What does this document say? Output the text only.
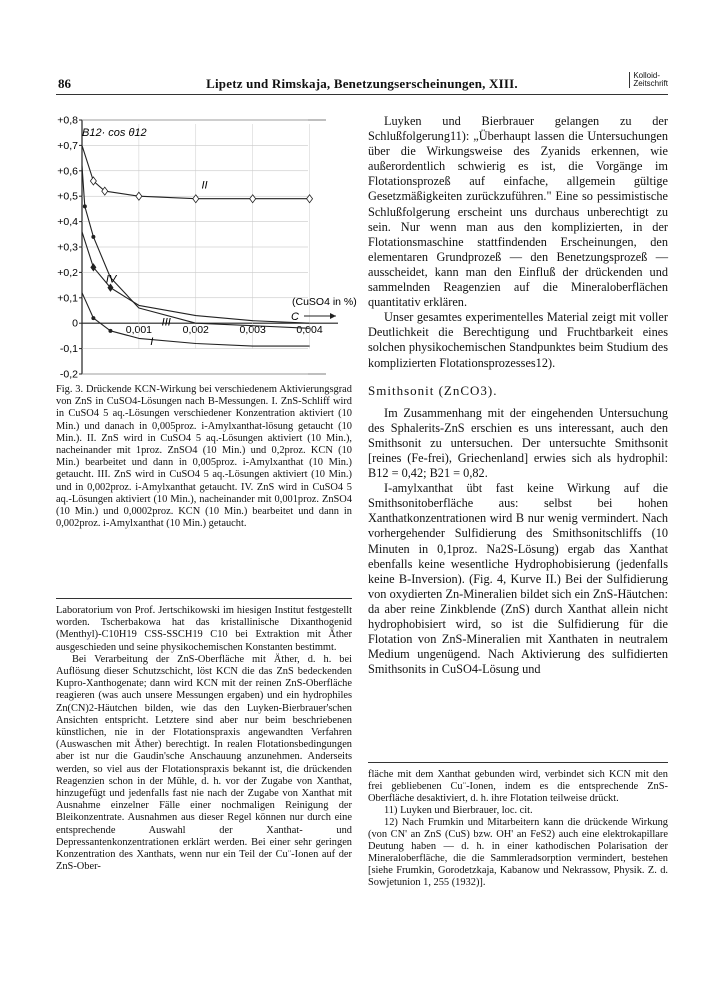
86	Lipetz und Rimskaja, Benetzungserscheinungen, XIII.
Kolloid-
Zeitschrift
+0,8
+0,7
+0,6
+0,5
+0,4
+0,3
+0,2
+0,1
0
-0,1
-0,2
0,001	0,002	0,003	0,004
I
II
III
IV
B12· cos θ12
(CuSO4 in %)
C

Fig. 3. Drückende KCN-Wirkung bei verschiedenem Aktivierungsgrad von ZnS in CuSO4-Lösungen nach B-Messungen. I. ZnS-Schliff wird in CuSO4 5 aq.-Lösungen verschiedener Konzentration aktiviert (10 Min.) und danach in 0,005proz. i-Amylxanthat-lösung getaucht (10 Min.). II. ZnS wird in CuSO4 5 aq.-Lösungen aktiviert (10 Min.), nacheinander mit 1proz. ZnSO4 (10 Min.) und 0,2proz. KCN (10 Min.) bearbeitet und dann in 0,005proz. i-Amylxanthat (10 Min.) getaucht. III. ZnS wird in CuSO4 5 aq.-Lösungen aktiviert (10 Min.) und in 0,002proz. i-Amylxanthat getaucht. IV. ZnS wird in CuSO4 5 aq.-Lösungen aktiviert (10 Min.), nacheinander mit 0,001proz. ZnSO4 (10 Min.) und 0,0002proz. KCN (10 Min.) bearbeitet und dann in 0,002proz. i-Amylxanthat (10 Min.) getaucht.

Laboratorium von Prof. Jertschikowski im hiesigen Institut festgestellt worden. Tscherbakowa hat das kristallinische Dixanthogenid (Menthyl)-C10H19 CSS-SSCH19 C10 bei Extraktion mit Äther ausgeschieden und seine physikochemischen Konstanten bestimmt.

Bei Verarbeitung der ZnS-Oberfläche mit Äther, d. h. bei Auflösung dieser Schutzschicht, löst KCN die das ZnS bedeckenden Kupro-Xanthogenate; dann wird KCN mit der reinen ZnS-Oberfläche reagieren (was auch unsere Messungen ergaben) und ein hydrophiles Zn(CN)2-Häutchen bilden, wie das den Luyken-Bierbrauer'schen Ansichten entspricht. Letztere sind aber nur beim beschriebenen künstlichen, nie in der Flotationspraxis angewandten Verfahren (Auswaschen mit Äther) berechtigt. In realen Flotationsbedingungen aber ist nur die Gaudin'sche Anschauung anzunehmen. Anderseits werden, so viel aus der Flotationspraxis bekannt ist, die drückenden Reagenzien schon in der Mühle, d. h. vor der Zugabe von Xanthat, hinzugefügt und jedenfalls fast nie nach der Zugabe von Xanthat mit Ausnahme einzelner Fälle einer nochmaligen Reinigung der Bleikonzentrate. Ausnahmen aus dieser Regel können nur durch eine entsprechende Auswahl der Xanthat- und Depressantenkonzentrationen erklärt werden. Bei einer sehr geringen Konzentration des Xanthats, wenn nur ein Teil der Cu¨-Ionen auf der ZnS-Ober-

Luyken und Bierbrauer gelangen zu der Schlußfolgerung11): „Überhaupt lassen die Untersuchungen über die Wirkungsweise des Zyanids erkennen, wie außerordentlich schwierig es ist, die Vorgänge im Flotationsprozeß auf einfache, allgemein gültige Gesetzmäßigkeiten zurückzuführen." Eine so pessimistische Schlußfolgerung erscheint uns durchaus unberechtigt zu sein. Nur wenn man aus den komplizierten, in der Flotationsmaschine stattfindenden Erscheinungen, den elementaren Grundprozeß — den Benetzungsprozeß — ausscheidet, kann man den Einfluß der drückenden und sammelnden Reagenzien auf die Mineraloberflächen quantitativ erklären.

Unser gesamtes experimentelles Material zeigt mit voller Deutlichkeit die Berechtigung und Fruchtbarkeit eines solchen physikochemischen Standpunktes beim Studium des komplizierten Flotationsprozesses12).

Smithsonit (ZnCO3).

Im Zusammenhang mit der eingehenden Untersuchung des Sphalerits-ZnS erschien es uns interessant, auch den Smithsonit zu untersuchen. Der untersuchte Smithsonit [reines (Fe-frei), Griechenland] erwies sich als hydrophil: B12 = 0,42; B21 = 0,82.

I-amylxanthat übt fast keine Wirkung auf die Smithsonitoberfläche aus: selbst bei hohen Xanthatkonzentrationen wird B nur wenig vermindert. Nach vorhergehender Sulfidierung des Smithsonitschliffs (10 Minuten in 0,1proz. Na2S-Lösung) ergab das Xanthat ebenfalls keine wesentliche Hydrophobisierung (jedenfalls keine B-Inversion). (Fig. 4, Kurve II.) Bei der Sulfidierung von oxydierten Zn-Mineralien bildet sich ein ZnS-Häutchen: da aber reine Zinkblende (ZnS) durch Xanthat allein nicht hydrophobisiert wird, so ist die Sulfidierung für die Flotation von ZnS-Mineralien mit Xanthaten in neutralem Medium ungenügend. Nach Aktivierung des sulfidierten Smithsonits in CuSO4-Lösung und

fläche mit dem Xanthat gebunden wird, verbindet sich KCN mit den frei gebliebenen Cu¨-Ionen, indem es die entsprechende ZnS-Oberfläche desaktiviert, d. h. ihre Flotation teilweise drückt.

11) Luyken und Bierbrauer, loc. cit.

12) Nach Frumkin und Mitarbeitern kann die drückende Wirkung (von CN' an ZnS (CuS) bzw. OH' an FeS2) auch eine elektrokapillare Deutung haben — d. h. in einer kathodischen Polarisation der Mineraloberfläche, die die Sammleradsorption vermindert, bestehen [siehe Frumkin, Gorodetzkaja, Kabanow und Nekrassow, Physik. Z. d. Sowjetunion 1, 255 (1932)].
